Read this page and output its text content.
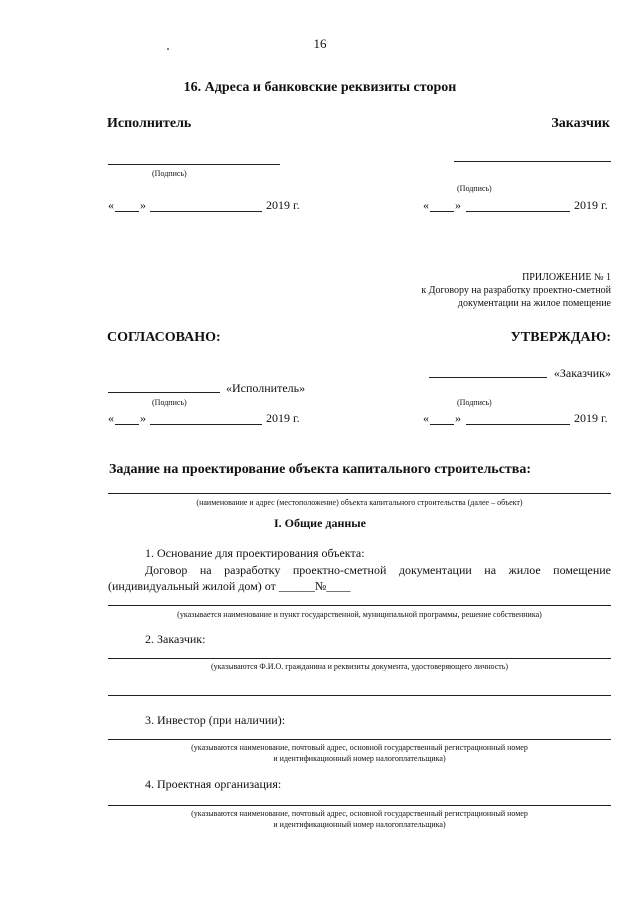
16
16. Адреса и банковские реквизиты сторон
Исполнитель	Заказчик
(Подпись)
(Подпись)
« »	2019 г.	« »	2019 г.
ПРИЛОЖЕНИЕ № 1
к Договору на разработку проектно-сметной
документации на жилое помещение
СОГЛАСОВАНО:	УТВЕРЖДАЮ:
«Исполнитель»
(Подпись)
«Заказчик»
(Подпись)
« »	2019 г.	« »	2019 г.
Задание на проектирование объекта капитального строительства:
(наименование и адрес (местоположение) объекта капитального строительства (далее – объект)
I. Общие данные
1. Основание для проектирования объекта:
Договор на разработку проектно-сметной документации на жилое помещение
(индивидуальный жилой дом) от ______№____
(указывается наименование и пункт государственной, муниципальной программы, решение собственника)
2. Заказчик:
(указываются Ф.И.О. гражданина и реквизиты документа, удостоверяющего личность)
3. Инвестор (при наличии):
(указываются наименование, почтовый адрес, основной государственный регистрационный номер
и идентификационный номер налогоплательщика)
4. Проектная организация:
(указываются наименование, почтовый адрес, основной государственный регистрационный номер
и идентификационный номер налогоплательщика)
